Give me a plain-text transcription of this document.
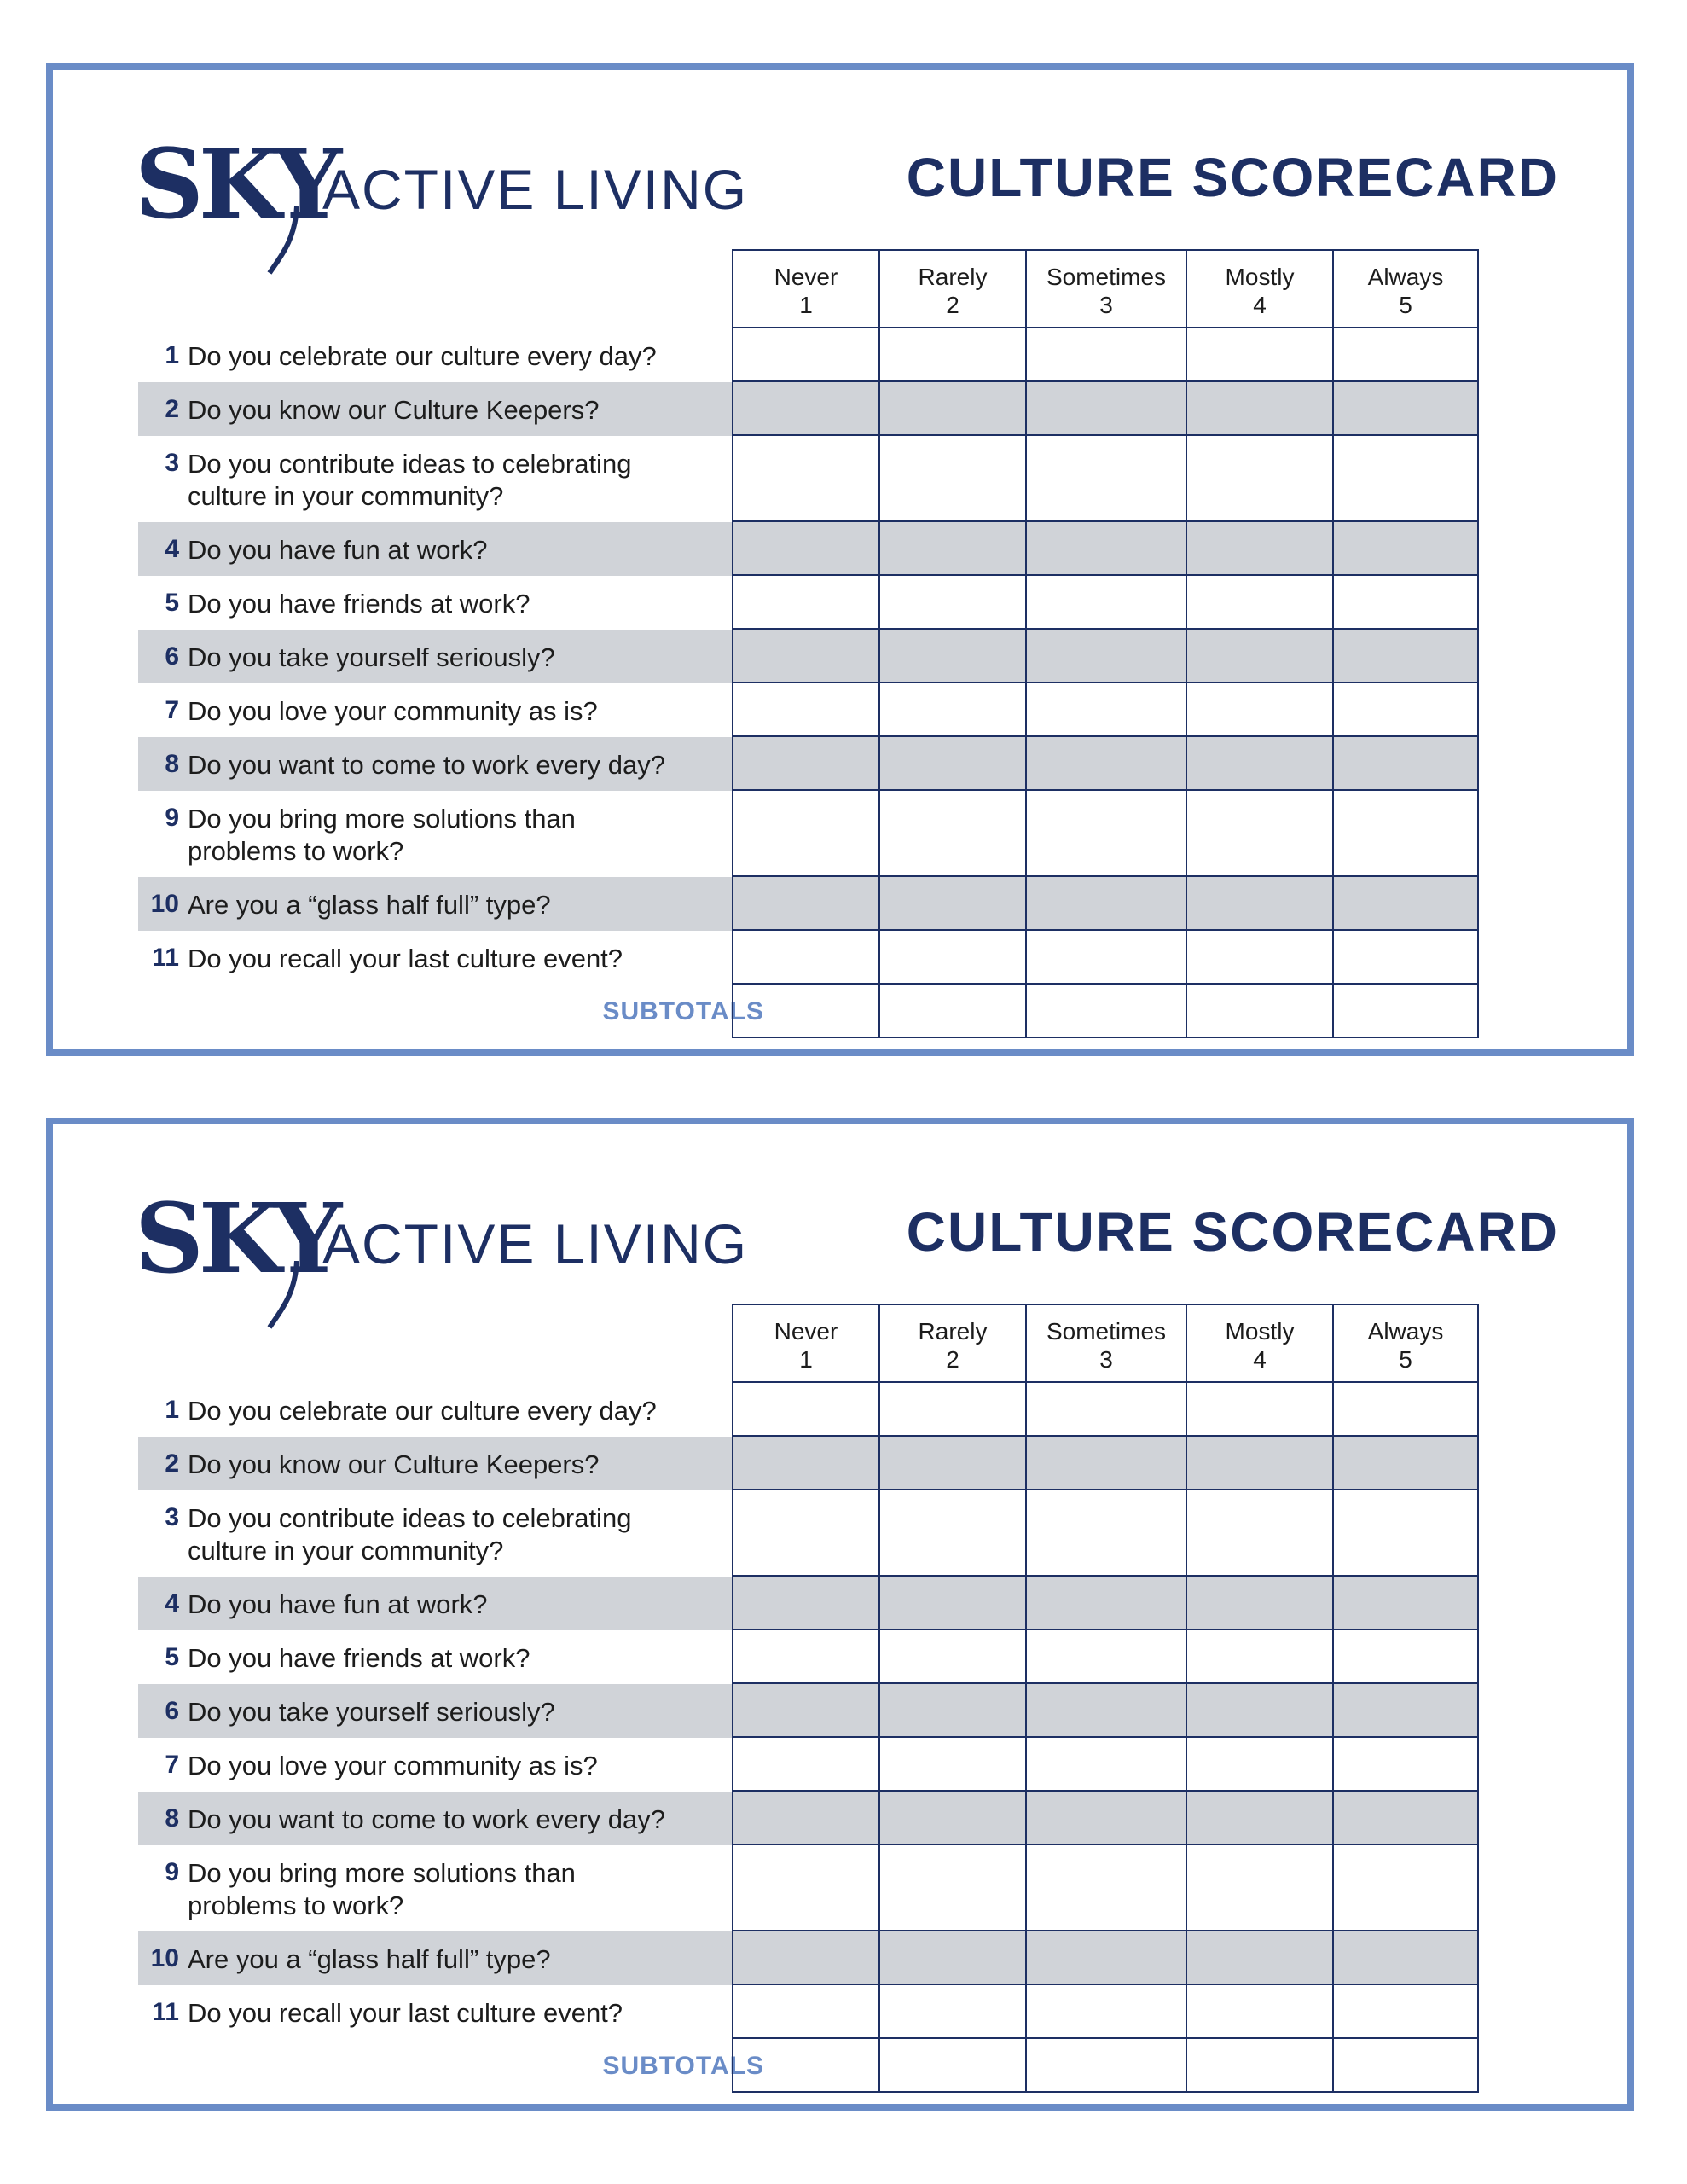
SKY
ACTIVE LIVING	CULTURE SCORECARD
Never
1
Rarely
2
Sometimes
3
Mostly
4
Always
5
1 Do you celebrate our culture every day?
2 Do you know our Culture Keepers?
3 Do you contribute ideas to celebrating culture in your community?
4 Do you have fun at work?
5 Do you have friends at work?
6 Do you take yourself seriously?
7 Do you love your community as is?
8 Do you want to come to work every day?
9 Do you bring more solutions than problems to work?
10 Are you a “glass half full” type?
11 Do you recall your last culture event?
SUBTOTALS
SKY
ACTIVE LIVING	CULTURE SCORECARD
Never
1
Rarely
2
Sometimes
3
Mostly
4
Always
5
1 Do you celebrate our culture every day?
2 Do you know our Culture Keepers?
3 Do you contribute ideas to celebrating culture in your community?
4 Do you have fun at work?
5 Do you have friends at work?
6 Do you take yourself seriously?
7 Do you love your community as is?
8 Do you want to come to work every day?
9 Do you bring more solutions than problems to work?
10 Are you a “glass half full” type?
11 Do you recall your last culture event?
SUBTOTALS
